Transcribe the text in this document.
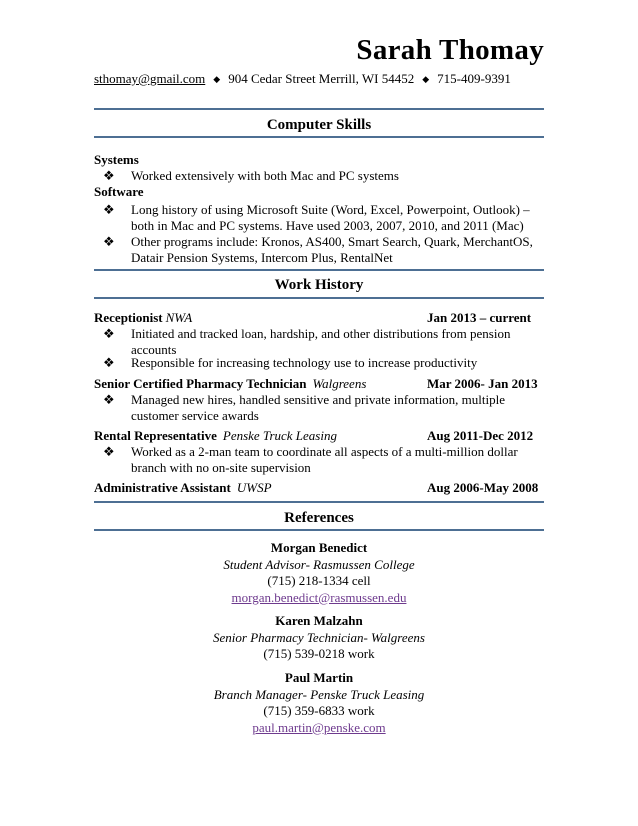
Sarah Thomay
sthomay@gmail.com ◆ 904 Cedar Street Merrill, WI 54452 ◆ 715-409-9391
Computer Skills
Systems
❖	Worked extensively with both Mac and PC systems
Software
❖	Long history of using Microsoft Suite (Word, Excel, Powerpoint, Outlook) –
both in Mac and PC systems. Have used 2003, 2007, 2010, and 2011 (Mac)
❖	Other programs include: Kronos, AS400, Smart Search, Quark, MerchantOS,
Datair Pension Systems, Intercom Plus, RentalNet
Work History
Receptionist NWA	Jan 2013 – current
❖	Initiated and tracked loan, hardship, and other distributions from pension
accounts
❖	Responsible for increasing technology use to increase productivity
Senior Certified Pharmacy Technician Walgreens	Mar 2006- Jan 2013
❖	Managed new hires, handled sensitive and private information, multiple
customer service awards
Rental Representative Penske Truck Leasing	Aug 2011-Dec 2012
❖	Worked as a 2-man team to coordinate all aspects of a multi-million dollar
branch with no on-site supervision
Administrative Assistant UWSP	Aug 2006-May 2008
References
Morgan Benedict
Student Advisor- Rasmussen College
(715) 218-1334 cell
morgan.benedict@rasmussen.edu
Karen Malzahn
Senior Pharmacy Technician- Walgreens
(715) 539-0218 work
Paul Martin
Branch Manager- Penske Truck Leasing
(715) 359-6833 work
paul.martin@penske.com
